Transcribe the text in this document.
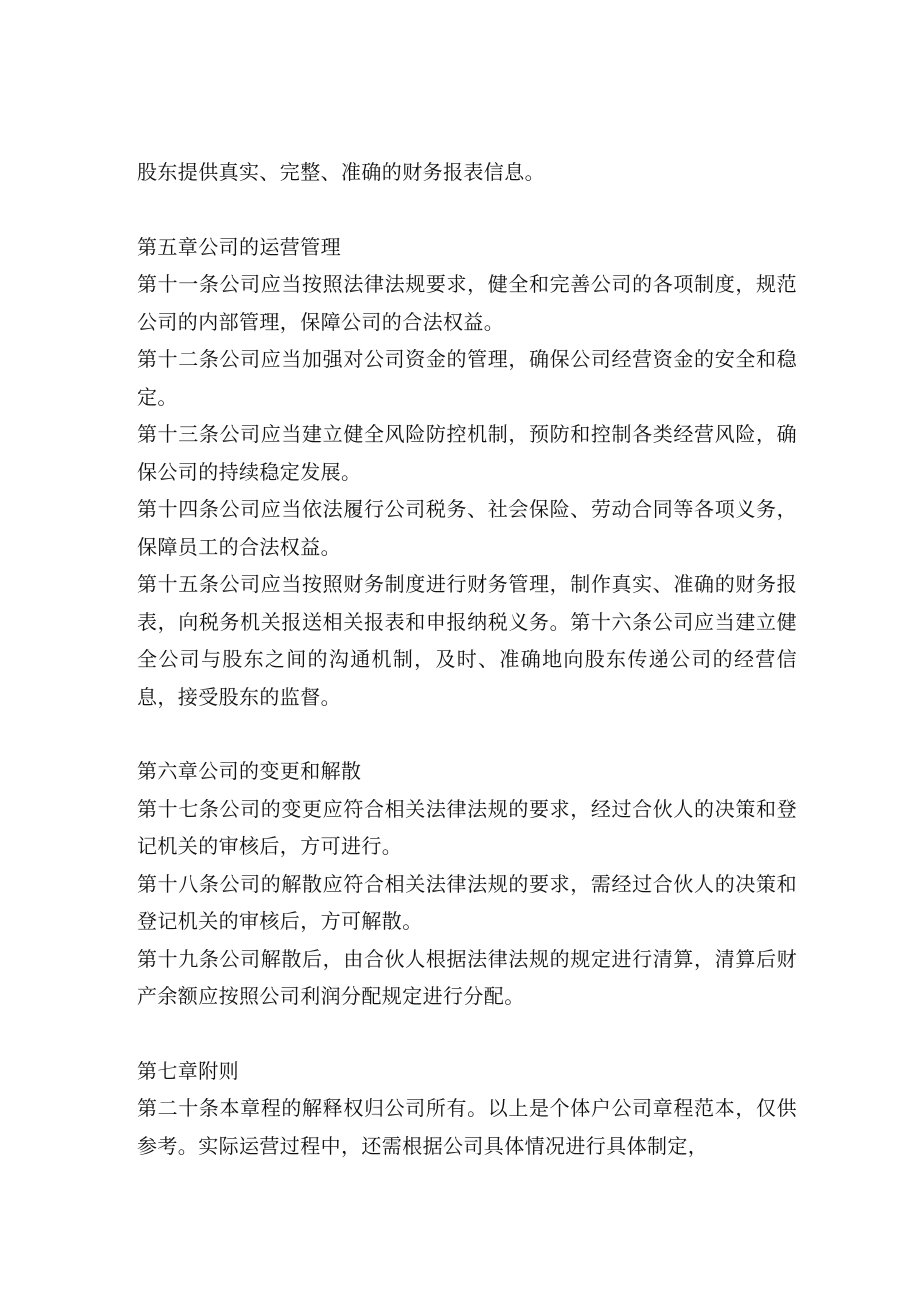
股东提供真实、完整、准确的财务报表信息。

第五章公司的运营管理

第十一条公司应当按照法律法规要求，健全和完善公司的各项制度，规范公司的内部管理，保障公司的合法权益。

第十二条公司应当加强对公司资金的管理，确保公司经营资金的安全和稳定。

第十三条公司应当建立健全风险防控机制，预防和控制各类经营风险，确保公司的持续稳定发展。

第十四条公司应当依法履行公司税务、社会保险、劳动合同等各项义务，保障员工的合法权益。

第十五条公司应当按照财务制度进行财务管理，制作真实、准确的财务报表，向税务机关报送相关报表和申报纳税义务。第十六条公司应当建立健全公司与股东之间的沟通机制，及时、准确地向股东传递公司的经营信息，接受股东的监督。

第六章公司的变更和解散

第十七条公司的变更应符合相关法律法规的要求，经过合伙人的决策和登记机关的审核后，方可进行。

第十八条公司的解散应符合相关法律法规的要求，需经过合伙人的决策和登记机关的审核后，方可解散。

第十九条公司解散后，由合伙人根据法律法规的规定进行清算，清算后财产余额应按照公司利润分配规定进行分配。

第七章附则

第二十条本章程的解释权归公司所有。以上是个体户公司章程范本，仅供参考。实际运营过程中，还需根据公司具体情况进行具体制定，
